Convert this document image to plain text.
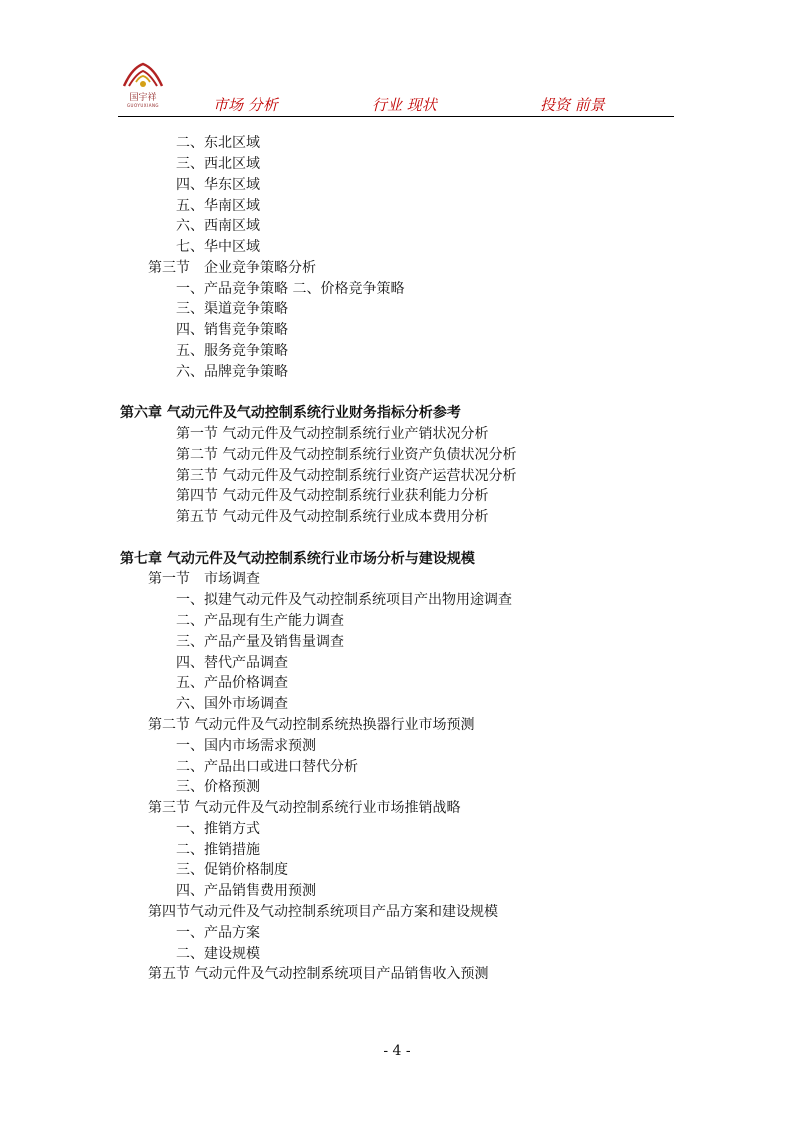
国宇祥
GUOYUXIANG	市场 分析	行业 现状	投资 前景
二、东北区域
三、西北区域
四、华东区域
五、华南区域
六、西南区域
七、华中区域
第三节　企业竞争策略分析
一、产品竞争策略 二、价格竞争策略
三、渠道竞争策略
四、销售竞争策略
五、服务竞争策略
六、品牌竞争策略
第六章 气动元件及气动控制系统行业财务指标分析参考
第一节 气动元件及气动控制系统行业产销状况分析
第二节 气动元件及气动控制系统行业资产负债状况分析
第三节 气动元件及气动控制系统行业资产运营状况分析
第四节 气动元件及气动控制系统行业获利能力分析
第五节 气动元件及气动控制系统行业成本费用分析
第七章 气动元件及气动控制系统行业市场分析与建设规模
第一节　市场调查
一、拟建气动元件及气动控制系统项目产出物用途调查
二、产品现有生产能力调查
三、产品产量及销售量调查
四、替代产品调查
五、产品价格调查
六、国外市场调查
第二节 气动元件及气动控制系统热换器行业市场预测
一、国内市场需求预测
二、产品出口或进口替代分析
三、价格预测
第三节 气动元件及气动控制系统行业市场推销战略
一、推销方式
二、推销措施
三、促销价格制度
四、产品销售费用预测
第四节气动元件及气动控制系统项目产品方案和建设规模
一、产品方案
二、建设规模
第五节 气动元件及气动控制系统项目产品销售收入预测
- 4 -
